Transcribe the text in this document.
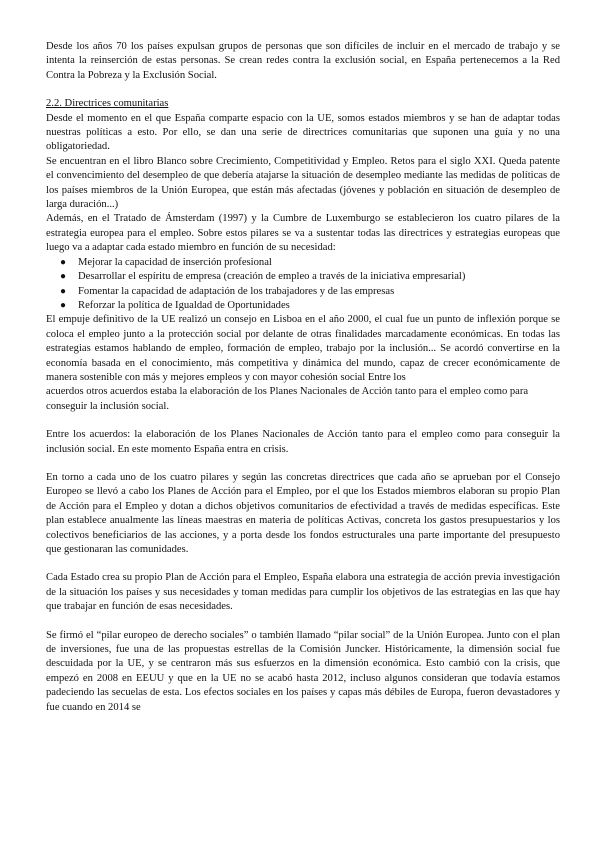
Desde los años 70 los países expulsan grupos de personas que son difíciles de incluir en el mercado de trabajo y se intenta la reinserción de estas personas. Se crean redes contra la exclusión social, en España pertenecemos a la Red Contra la Pobreza y la Exclusión Social.

2.2. Directrices comunitarias

Desde el momento en el que España comparte espacio con la UE, somos estados miembros y se han de adaptar todas nuestras políticas a esto. Por ello, se dan una serie de directrices comunitarias que suponen una guía y no una obligatoriedad.

Se encuentran en el libro Blanco sobre Crecimiento, Competitividad y Empleo. Retos para el siglo XXI. Queda patente el convencimiento del desempleo de que debería atajarse la situación de desempleo mediante las medidas de políticas de los países miembros de la Unión Europea, que están más afectadas (jóvenes y población en situación de desempleo de larga duración...)

Además, en el Tratado de Ámsterdam (1997) y la Cumbre de Luxemburgo se establecieron los cuatro pilares de la estrategia europea para el empleo. Sobre estos pilares se va a sustentar todas las directrices y estrategias europeas que luego va a adaptar cada estado miembro en función de su necesidad:

● Mejorar la capacidad de inserción profesional
● Desarrollar el espíritu de empresa (creación de empleo a través de la iniciativa empresarial)
● Fomentar la capacidad de adaptación de los trabajadores y de las empresas
● Reforzar la política de Igualdad de Oportunidades

El empuje definitivo de la UE realizó un consejo en Lisboa en el año 2000, el cual fue un punto de inflexión porque se coloca el empleo junto a la protección social por delante de otras finalidades marcadamente económicas. En todas las estrategias estamos hablando de empleo, formación de empleo, trabajo por la inclusión... Se acordó convertirse en la economía basada en el conocimiento, más competitiva y dinámica del mundo, capaz de crecer económicamente de manera sostenible con más y mejores empleos y con mayor cohesión social Entre los

acuerdos otros acuerdos estaba la elaboración de los Planes Nacionales de Acción tanto para el empleo como para conseguir la inclusión social.

Entre los acuerdos: la elaboración de los Planes Nacionales de Acción tanto para el empleo como para conseguir la inclusión social. En este momento España entra en crisis.

En torno a cada uno de los cuatro pilares y según las concretas directrices que cada año se aprueban por el Consejo Europeo se llevó a cabo los Planes de Acción para el Empleo, por el que los Estados miembros elaboran su propio Plan de Acción para el Empleo y dotan a dichos objetivos comunitarios de efectividad a través de medidas específicas. Este plan establece anualmente las líneas maestras en materia de políticas Activas, concreta los gastos presupuestarios y los colectivos beneficiarios de las acciones, y a porta desde los fondos estructurales una parte importante del presupuesto que gestionaran las comunidades.

Cada Estado crea su propio Plan de Acción para el Empleo, España elabora una estrategia de acción previa investigación de la situación los países y sus necesidades y toman medidas para cumplir los objetivos de las estrategias en las que hay que trabajar en función de esas necesidades.

Se firmó el “pilar europeo de derecho sociales” o también llamado “pilar social” de la Unión Europea. Junto con el plan de inversiones, fue una de las propuestas estrellas de la Comisión Juncker. Históricamente, la dimensión social fue descuidada por la UE, y se centraron más sus esfuerzos en la dimensión económica. Esto cambió con la crisis, que empezó en 2008 en EEUU y que en la UE no se acabó hasta 2012, incluso algunos consideran que todavía estamos padeciendo las secuelas de esta. Los efectos sociales en los países y capas más débiles de Europa, fueron devastadores y fue cuando en 2014 se
